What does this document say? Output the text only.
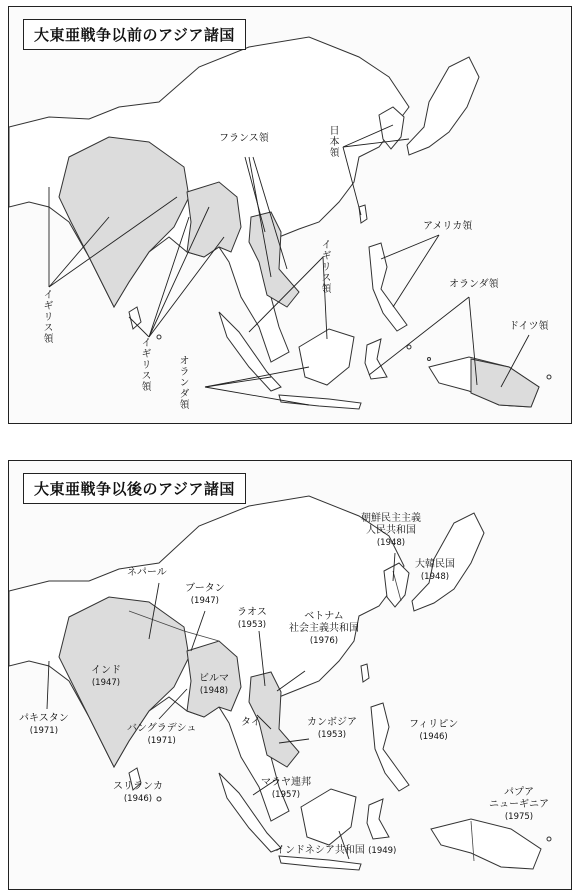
大東亜戦争以前のアジア諸国
フランス領	日本領
アメリカ領
イギリス領
イギリス領
イギリス領
オランダ領
オランダ領
ドイツ領
大東亜戦争以後のアジア諸国
ネパール
ブータン
(1947)
ラオス
(1953)
ベトナム
社会主義共和国
(1976)
朝鮮民主主義
人民共和国
(1948)
大韓民国
(1948)
インド
(1947)	ビルマ
(1948)
パキスタン
(1971)	バングラデシュ
(1971)
タイ	カンボジア
(1953)
フィリピン
(1946)
スリランカ
(1946)
マラヤ連邦
(1957)	パプア
ニューギニア
(1975)
インドネシア共和国 (1949)
